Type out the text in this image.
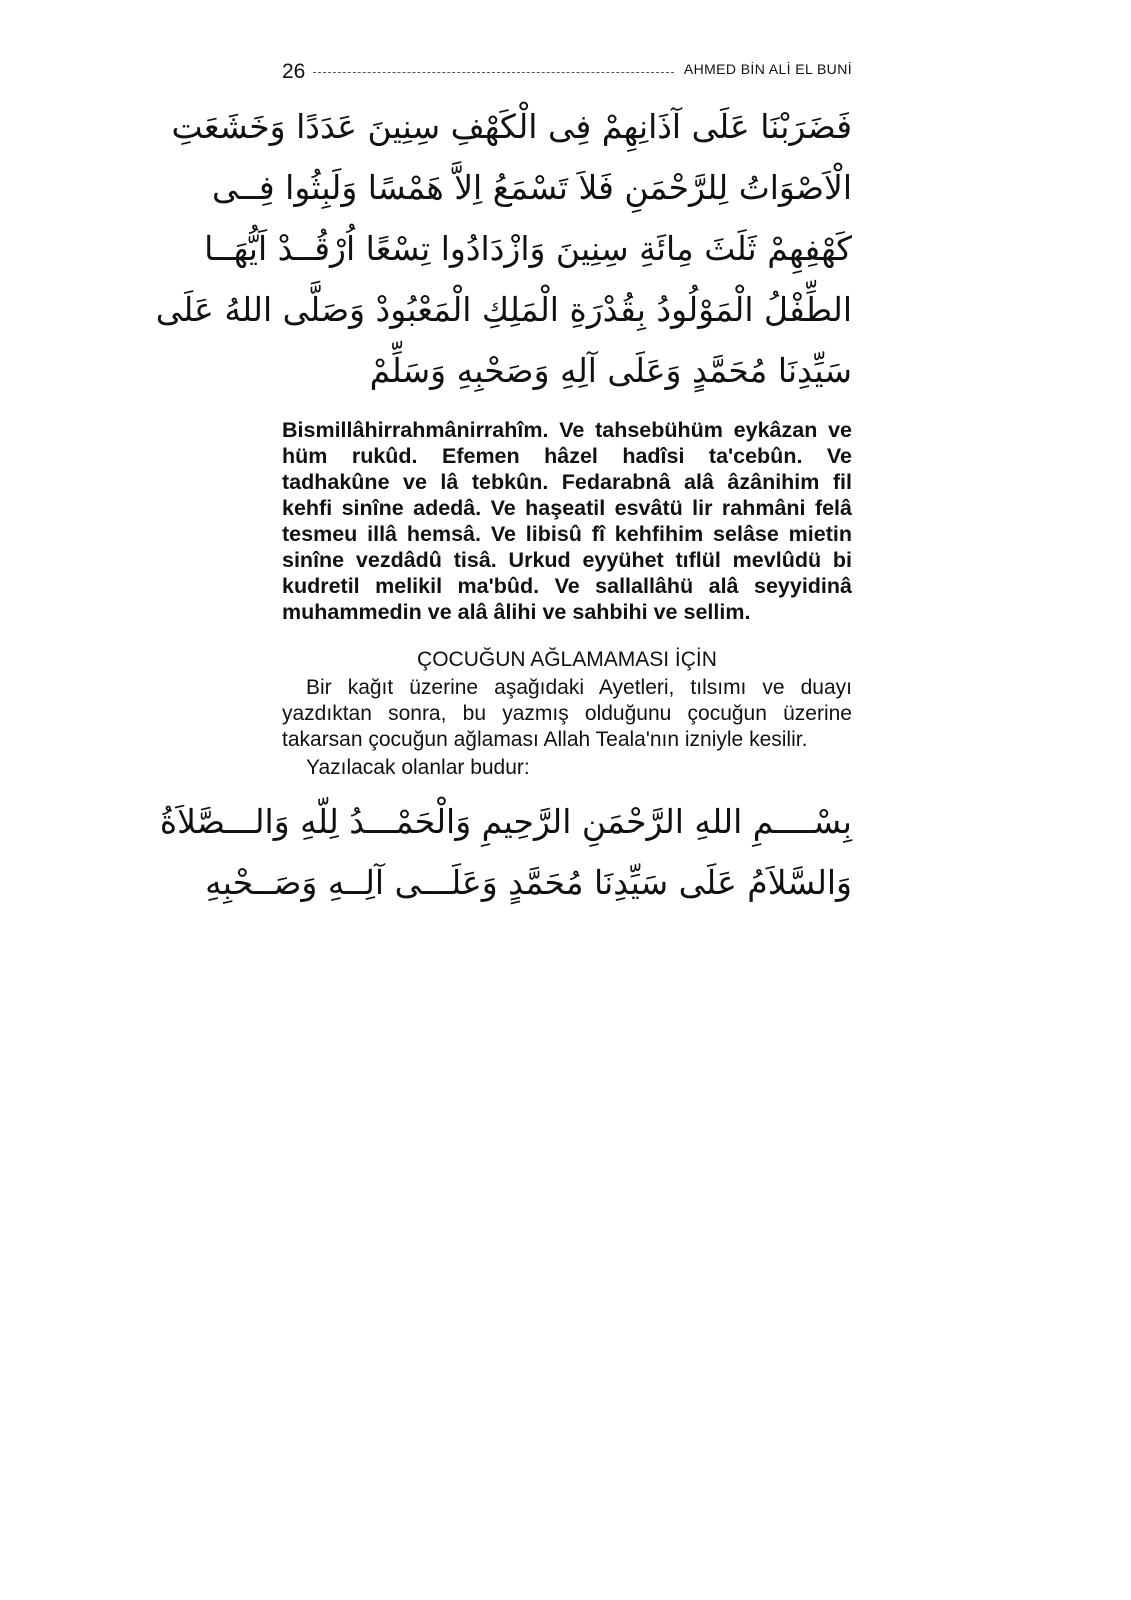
26	AHMED BİN ALİ EL BUNİ
فَضَرَبْنَا عَلَى آذَانِهِمْ فِى الْكَهْفِ سِنِينَ عَدَدًا وَخَشَعَتِ
الْاَصْوَاتُ لِلرَّحْمَنِ فَلاَ تَسْمَعُ اِلاَّ هَمْسًا وَلَبِثُوا فِــى
كَهْفِهِمْ ثَلَثَ مِائَةِ سِنِينَ وَازْدَادُوا تِسْعًا اُرْقُــدْ اَيُّهَــا
الطِّفْلُ الْمَوْلُودُ بِقُدْرَةِ الْمَلِكِ الْمَعْبُودْ وَصَلَّى اللهُ عَلَى
سَيِّدِنَا مُحَمَّدٍ وَعَلَى آلِهِ وَصَحْبِهِ وَسَلِّمْ

Bismillâhirrahmânirrahîm. Ve tahsebühüm eykâzan ve hüm rukûd. Efemen hâzel hadîsi ta'cebûn. Ve tadhakûne ve lâ tebkûn. Fedarabnâ alâ âzânihim fil kehfi sinîne adedâ. Ve haşeatil esvâtü lir rahmâni felâ tesmeu illâ hemsâ. Ve libisû fî kehfihim selâse mietin sinîne vezdâdû tisâ. Urkud eyyühet tıflül mevlûdü bi kudretil melikil ma'bûd. Ve sallallâhü alâ seyyidinâ muhammedin ve alâ âlihi ve sahbihi ve sellim.

ÇOCUĞUN AĞLAMAMASI İÇİN

Bir kağıt üzerine aşağıdaki Ayetleri, tılsımı ve duayı yazdıktan sonra, bu yazmış olduğunu çocuğun üzerine takarsan çocuğun ağlaması Allah Teala'nın izniyle kesilir.

Yazılacak olanlar budur:

بِسْــــمِ اللهِ الرَّحْمَنِ الرَّحِيمِ وَالْحَمْـــدُ لِلّهِ وَالـــصَّلاَةُ
وَالسَّلاَمُ عَلَى سَيِّدِنَا مُحَمَّدٍ وَعَلَـــى آلِــهِ وَصَــحْبِهِ
